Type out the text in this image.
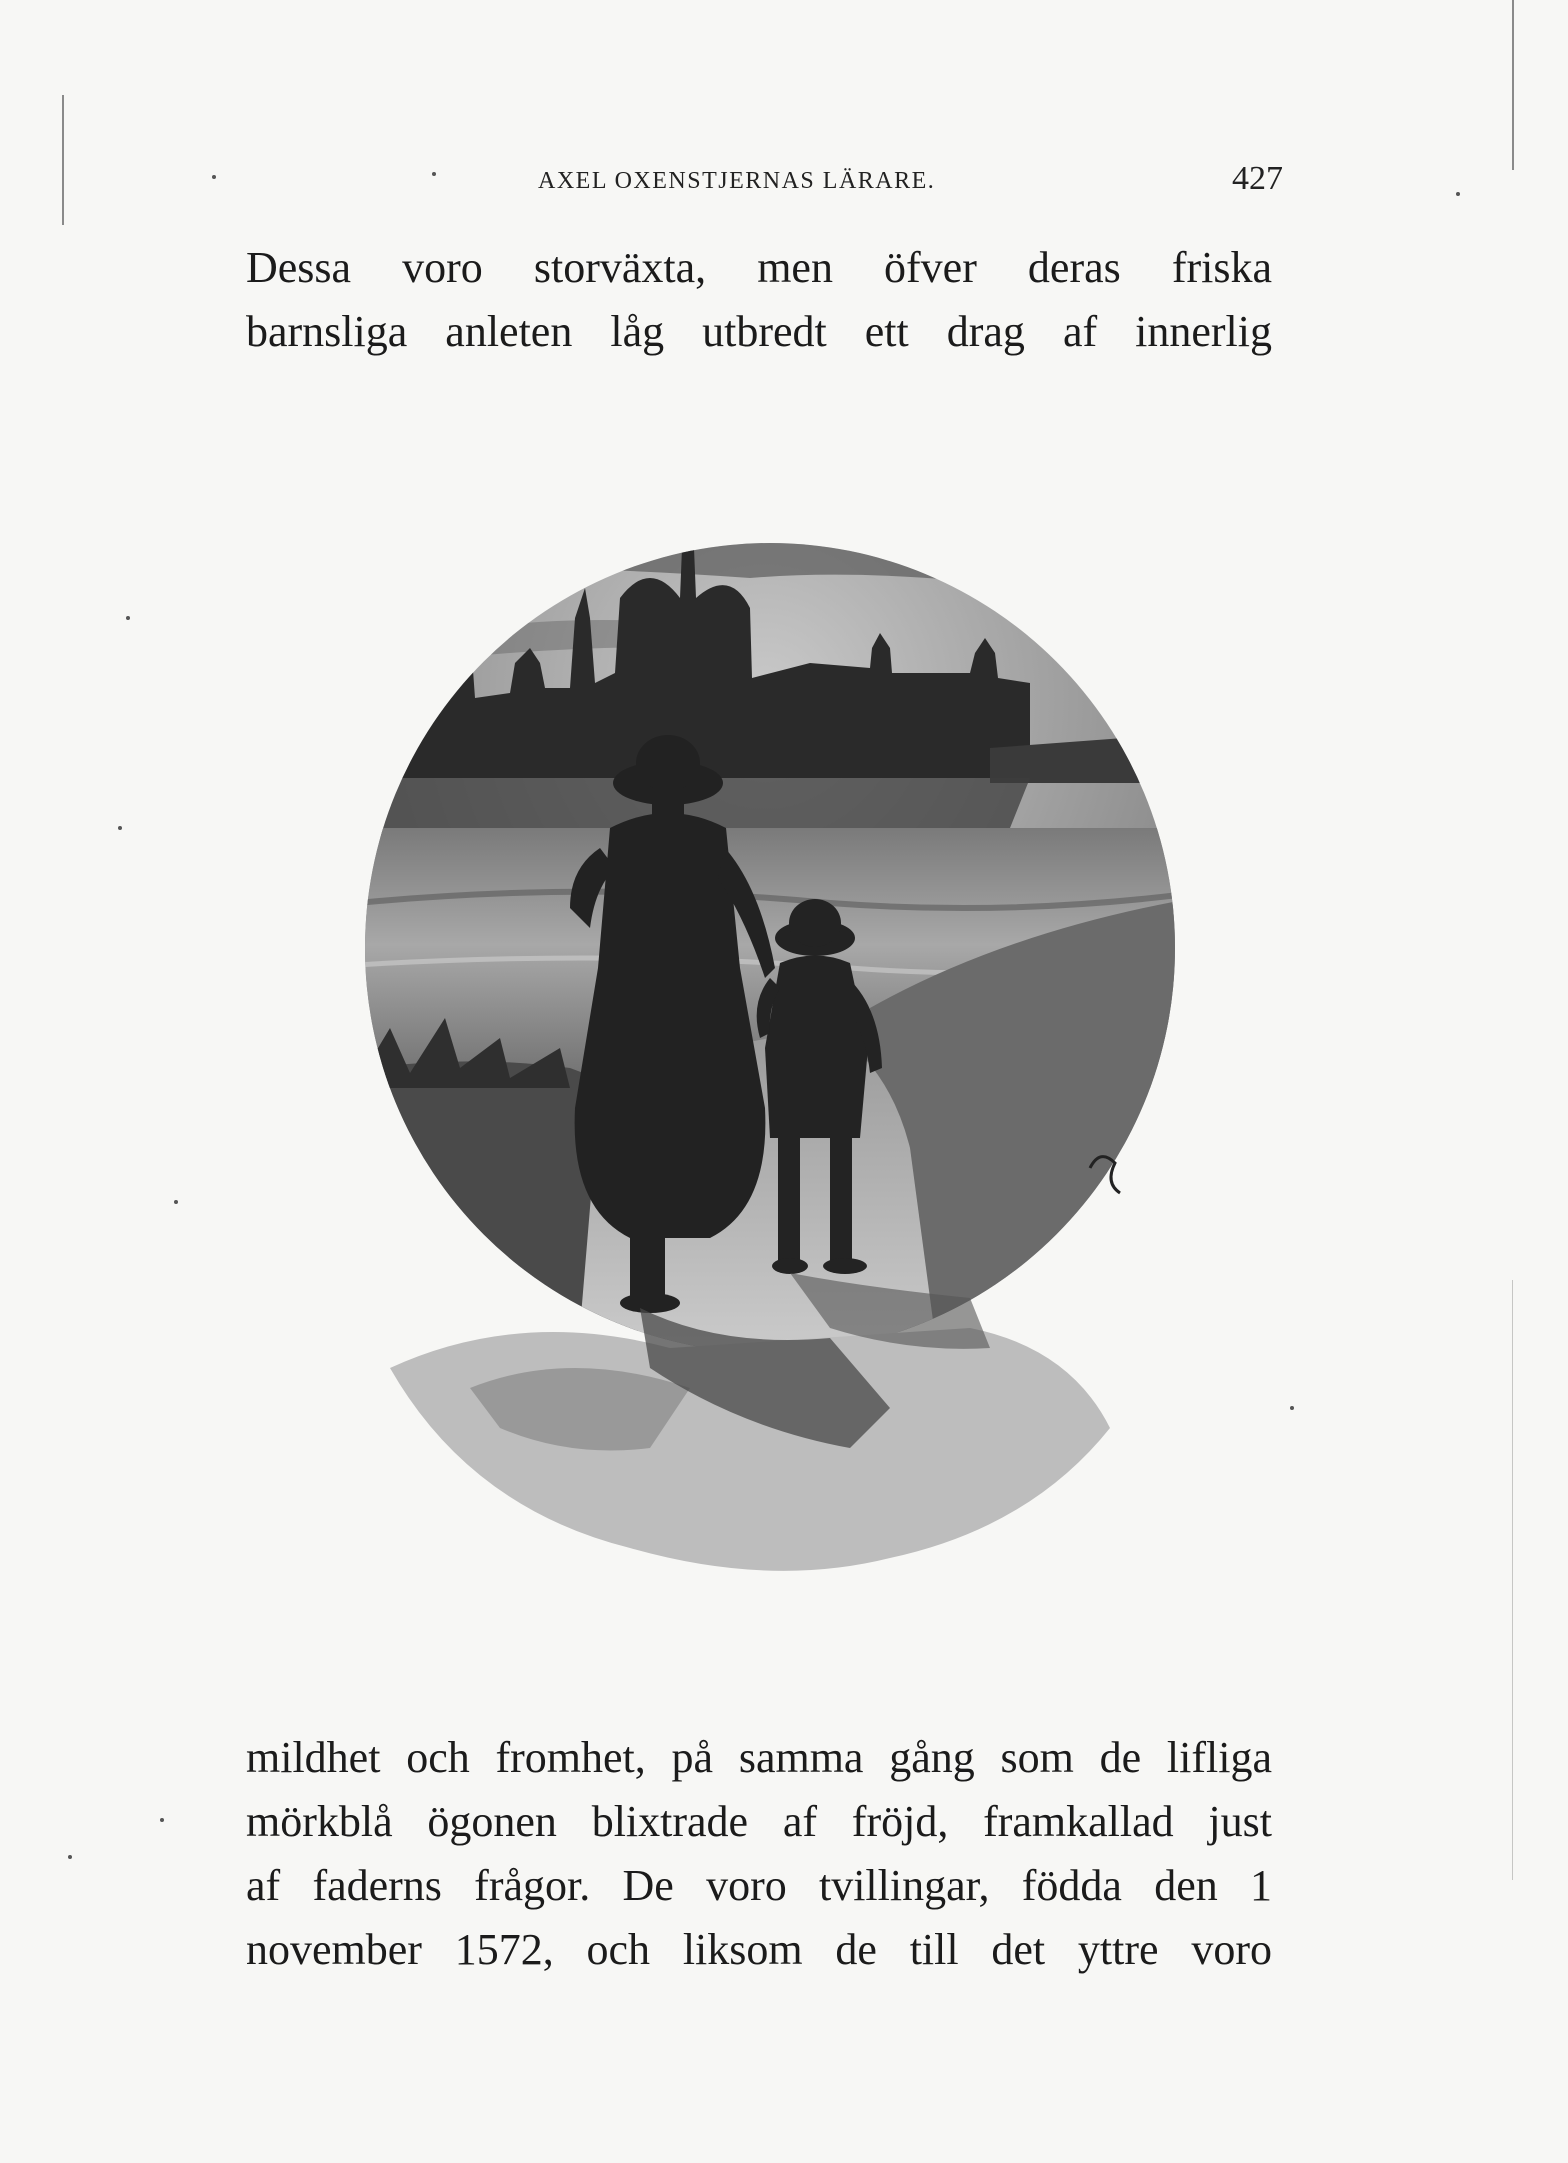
AXEL OXENSTJERNAS LÄRARE.	427
Dessa voro storväxta, men öfver deras friska
barnsliga anleten låg utbredt ett drag af innerlig
mildhet och fromhet, på samma gång som de lifliga
mörkblå ögonen blixtrade af fröjd, framkallad just
af faderns frågor. De voro tvillingar, födda den 1
november 1572, och liksom de till det yttre voro
